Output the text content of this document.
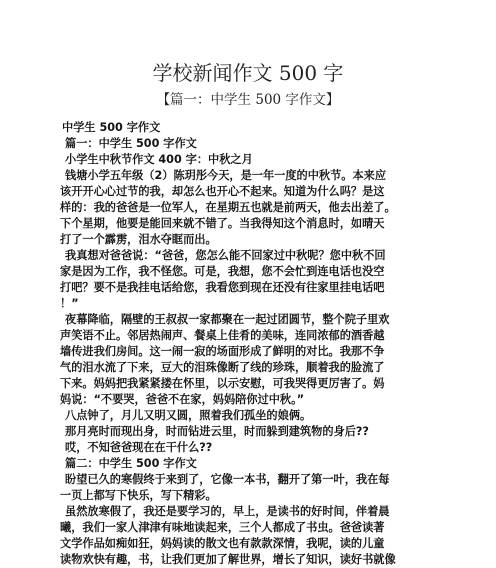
学校新闻作文 500 字
【篇一：中学生 500 字作文】
中学生 500 字作文
篇一：中学生 500 字作文
小学生中秋节作文 400 字：中秋之月
钱塘小学五年级（2）陈玥彤今天，是一年一度的中秋节。本来应
该开开心心过节的我，却怎么也开心不起来。知道为什么吗？是这
样的：我的爸爸是一位军人，在星期五也就是前两天，他去出差了。
下个星期，他要是能回来就不错了。当我得知这个消息时，如晴天
打了一个霹雳，泪水夺眶而出。
我真想对爸爸说：“爸爸，您怎么能不回家过中秋呢？您中秋不回
家是因为工作，我不怪您。可是，我想，您不会忙到连电话也没空
打吧？要不是我挂电话给您，我看您到现在还没有往家里挂电话吧
！”
夜幕降临，隔壁的王叔叔一家都聚在一起过团圆节，整个院子里欢
声笑语不止。邻居热闹声、餐桌上佳肴的美味，连同浓郁的酒香越
墙传进我们房间。这一闹一寂的场面形成了鲜明的对比。我那不争
气的泪水流了下来，豆大的泪珠像断了线的珍珠，顺着我的脸流了
下来。妈妈把我紧紧搂在怀里，以示安慰，可我哭得更厉害了。妈
妈说：“不要哭，爸爸不在家，妈妈陪你过中秋。”
八点钟了，月儿又明又圆，照着我们孤坐的娘俩。
那月亮时而现出身，时而钻进云里，时而躲到建筑物的身后??
哎，不知爸爸现在在干什么??
篇二：中学生 500 字作文
盼望已久的寒假终于来到了，它像一本书，翻开了第一叶，我在每
一页上都写下快乐，写下精彩。
虽然放寒假了，我还是要学习的，早上，是读书的好时间，伴着晨
曦，我们一家人津津有味地读起来，三个人都成了书虫。爸爸读著
文学作品如痴如狂，妈妈读的散文也有款款深情，我呢，读的儿童
读物欢快有趣，书，让我们更加了解世界，增长了知识，读好书就像
